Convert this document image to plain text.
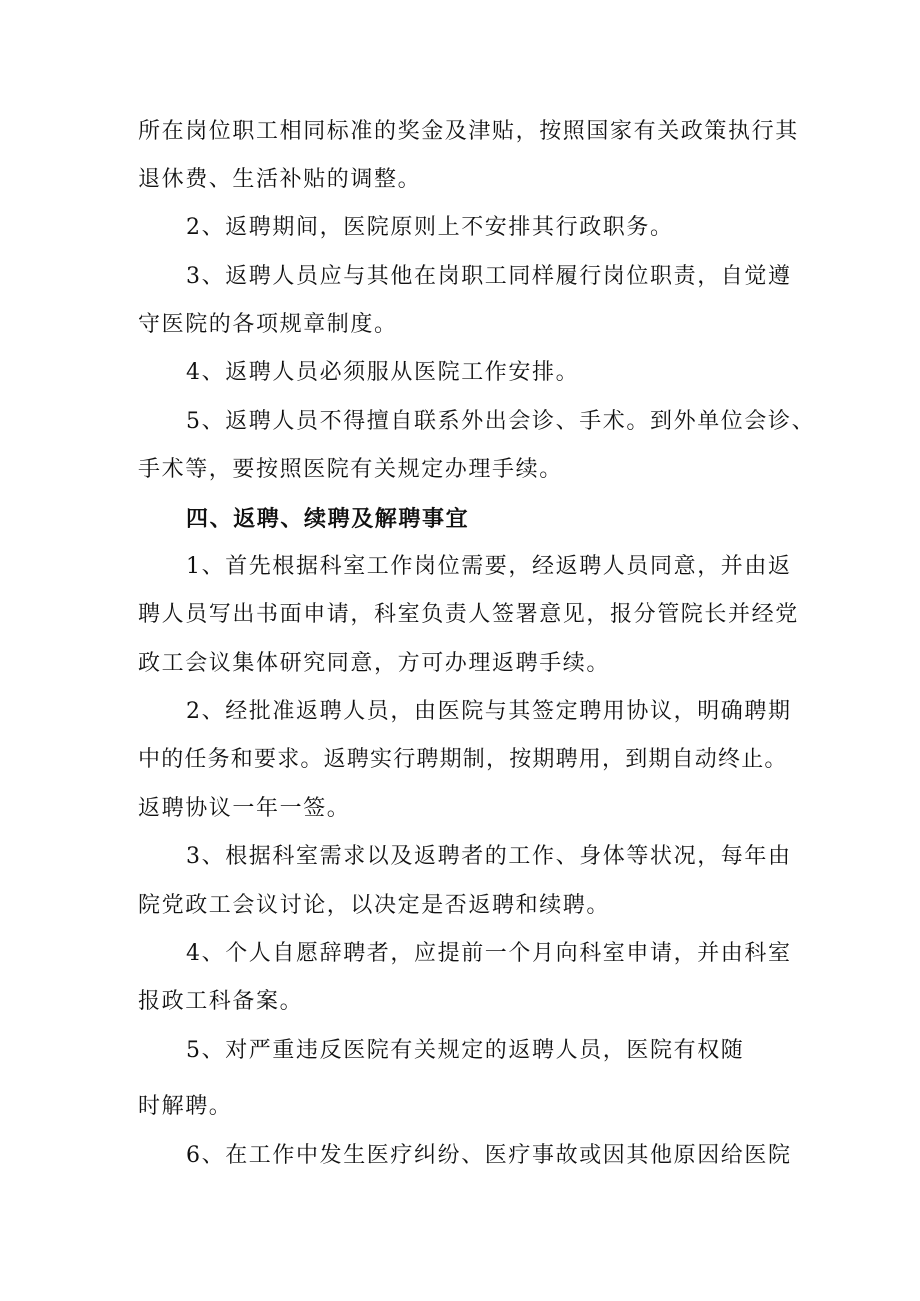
所在岗位职工相同标准的奖金及津贴，按照国家有关政策执行其
退休费、生活补贴的调整。
2、返聘期间，医院原则上不安排其行政职务。
3、返聘人员应与其他在岗职工同样履行岗位职责，自觉遵
守医院的各项规章制度。
4、返聘人员必须服从医院工作安排。
5、返聘人员不得擅自联系外出会诊、手术。到外单位会诊、
手术等，要按照医院有关规定办理手续。
四、返聘、续聘及解聘事宜
1、首先根据科室工作岗位需要，经返聘人员同意，并由返
聘人员写出书面申请，科室负责人签署意见，报分管院长并经党
政工会议集体研究同意，方可办理返聘手续。
2、经批准返聘人员，由医院与其签定聘用协议，明确聘期
中的任务和要求。返聘实行聘期制，按期聘用，到期自动终止。
返聘协议一年一签。
3、根据科室需求以及返聘者的工作、身体等状况，每年由
院党政工会议讨论，以决定是否返聘和续聘。
4、个人自愿辞聘者，应提前一个月向科室申请，并由科室
报政工科备案。
5、对严重违反医院有关规定的返聘人员，医院有权随
时解聘。
6、在工作中发生医疗纠纷、医疗事故或因其他原因给医院
